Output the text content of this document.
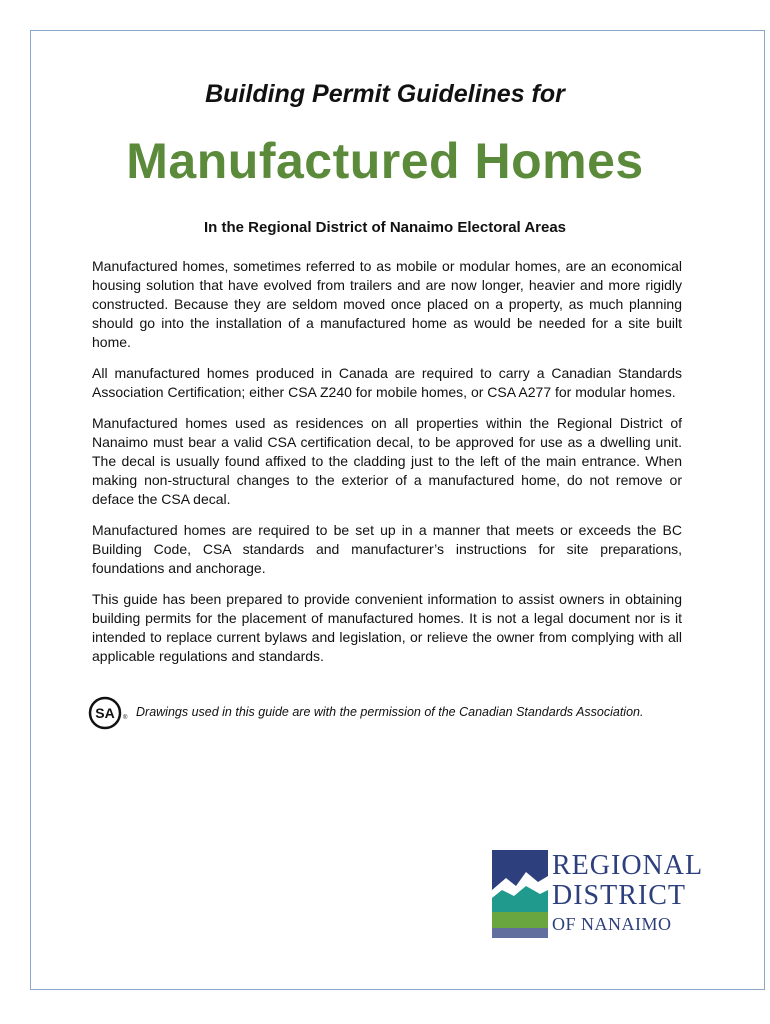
Building Permit Guidelines for
Manufactured Homes
In the Regional District of Nanaimo Electoral Areas

Manufactured homes, sometimes referred to as mobile or modular homes, are an economical housing solution that have evolved from trailers and are now longer, heavier and more rigidly constructed. Because they are seldom moved once placed on a property, as much planning should go into the installation of a manufactured home as would be needed for a site built home.

All manufactured homes produced in Canada are required to carry a Canadian Standards Association Certification; either CSA Z240 for mobile homes, or CSA A277 for modular homes.

Manufactured homes used as residences on all properties within the Regional District of Nanaimo must bear a valid CSA certification decal, to be approved for use as a dwelling unit. The decal is usually found affixed to the cladding just to the left of the main entrance. When making non-structural changes to the exterior of a manufactured home, do not remove or deface the CSA decal.

Manufactured homes are required to be set up in a manner that meets or exceeds the BC Building Code, CSA standards and manufacturer’s instructions for site preparations, foundations and anchorage.

This guide has been prepared to provide convenient information to assist owners in obtaining building permits for the placement of manufactured homes. It is not a legal document nor is it intended to replace current bylaws and legislation, or relieve the owner from complying with all applicable regulations and standards.

SA ® Drawings used in this guide are with the permission of the Canadian Standards Association.
REGIONAL
DISTRICT
OF NANAIMO
